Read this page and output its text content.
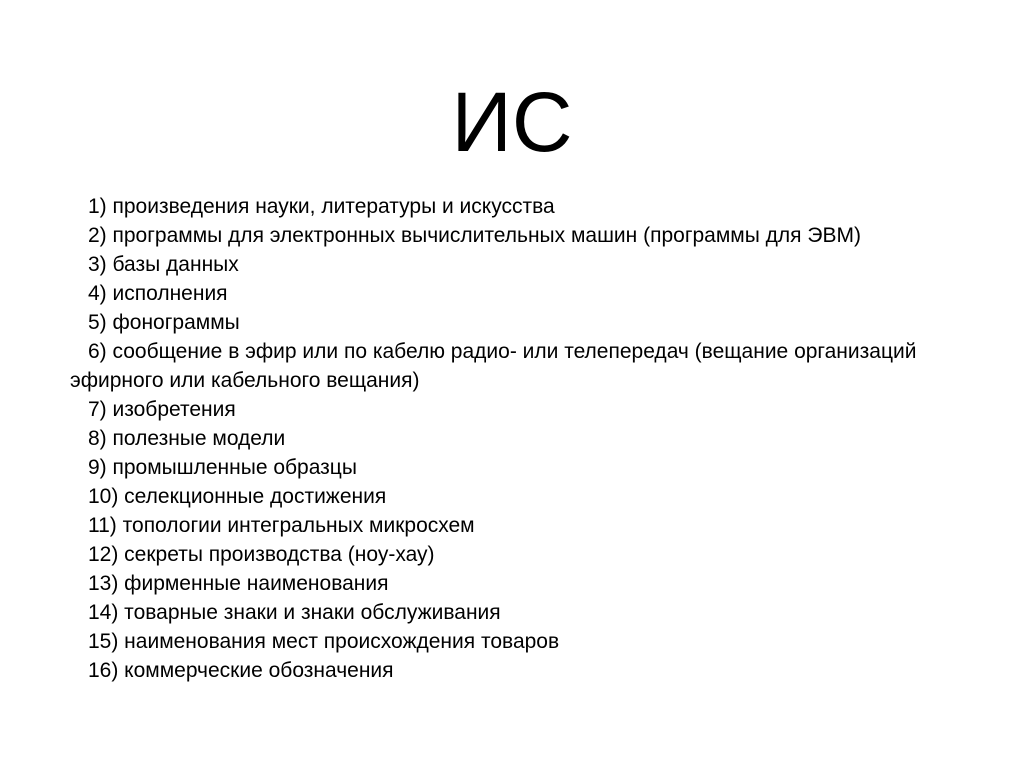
ИС
1) произведения науки, литературы и искусства
2) программы для электронных вычислительных машин (программы для ЭВМ)
3) базы данных
4) исполнения
5) фонограммы
6) сообщение в эфир или по кабелю радио- или телепередач (вещание организаций эфирного или кабельного вещания)
7) изобретения
8) полезные модели
9) промышленные образцы
10) селекционные достижения
11) топологии интегральных микросхем
12) секреты производства (ноу-хау)
13) фирменные наименования
14) товарные знаки и знаки обслуживания
15) наименования мест происхождения товаров
16) коммерческие обозначения
